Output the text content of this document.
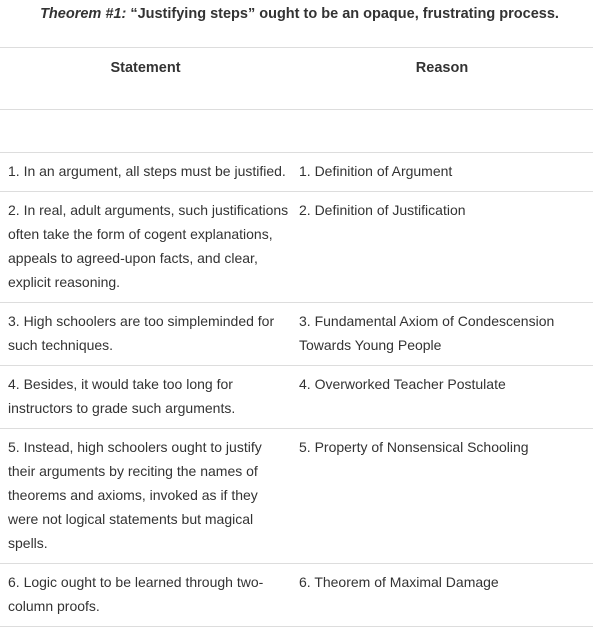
Theorem #1: “Justifying steps” ought to be an opaque, frustrating process.
Statement	Reason

1. In an argument, all steps must be justified.	1. Definition of Argument
2. In real, adult arguments, such justifications often take the form of cogent explanations, appeals to agreed-upon facts, and clear, explicit reasoning.	2. Definition of Justification
3. High schoolers are too simpleminded for such techniques.	3. Fundamental Axiom of Condescension Towards Young People
4. Besides, it would take too long for instructors to grade such arguments.	4. Overworked Teacher Postulate
5. Instead, high schoolers ought to justify their arguments by reciting the names of theorems and axioms, invoked as if they were not logical statements but magical spells.	5. Property of Nonsensical Schooling
6. Logic ought to be learned through two-column proofs.	6. Theorem of Maximal Damage
